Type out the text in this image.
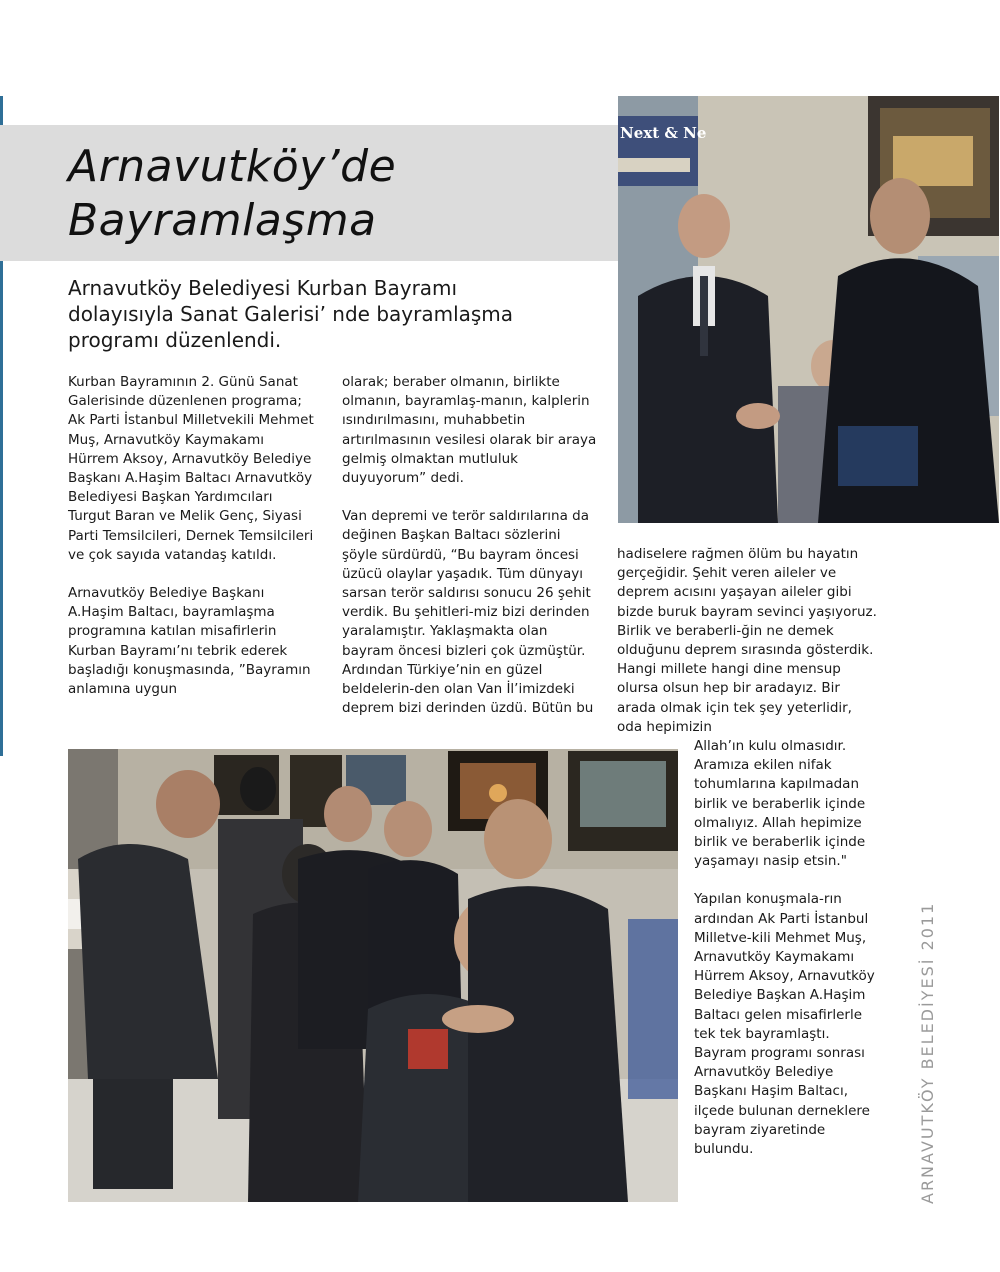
Arnavutköy’de
Bayramlaşma

Arnavutköy Belediyesi Kurban Bayramı dolayısıyla Sanat Galerisi’ nde bayramlaşma programı düzenlendi.

Kurban Bayramının 2. Günü Sanat Galerisinde düzenlenen programa; Ak Parti İstanbul Milletvekili Mehmet Muş, Arnavutköy Kaymakamı Hürrem Aksoy, Arnavutköy Belediye Başkanı A.Haşim Baltacı Arnavutköy Belediyesi Başkan Yardımcıları Turgut Baran ve Melik Genç, Siyasi Parti Temsilcileri, Dernek Temsilcileri ve çok sayıda vatandaş katıldı.

Arnavutköy Belediye Başkanı A.Haşim Baltacı, bayramlaşma programına katılan misafirlerin Kurban Bayramı’nı tebrik ederek başladığı konuşmasında, ”Bayramın anlamına uygun

olarak; beraber olmanın, birlikte olmanın, bayramlaş-manın, kalplerin ısındırılmasını, muhabbetin artırılmasının vesilesi olarak bir araya gelmiş olmaktan mutluluk duyuyorum” dedi.

Van depremi ve terör saldırılarına da değinen Başkan Baltacı sözlerini şöyle sürdürdü, “Bu bayram öncesi üzücü olaylar yaşadık. Tüm dünyayı sarsan terör saldırısı sonucu 26 şehit verdik. Bu şehitleri-miz bizi derinden yaralamıştır. Yaklaşmakta olan bayram öncesi bizleri çok üzmüştür. Ardından Türkiye’nin en güzel beldelerin-den olan Van İl’imizdeki deprem bizi derinden üzdü. Bütün bu

hadiselere rağmen ölüm bu hayatın gerçeğidir. Şehit veren aileler ve deprem acısını yaşayan aileler gibi bizde buruk bayram sevinci yaşıyoruz. Birlik ve beraberli-ğin ne demek olduğunu deprem sırasında gösterdik. Hangi millete hangi dine mensup olursa olsun hep bir aradayız. Bir arada olmak için tek şey yeterlidir, oda hepimizin

Allah’ın kulu olmasıdır. Aramıza ekilen nifak tohumlarına kapılmadan birlik ve beraberlik içinde olmalıyız. Allah hepimize birlik ve beraberlik içinde yaşamayı nasip etsin."

Yapılan konuşmala-rın ardından Ak Parti İstanbul Milletve-kili Mehmet Muş, Arnavutköy Kaymakamı Hürrem Aksoy, Arnavutköy Belediye Başkan A.Haşim Baltacı gelen misafirlerle tek tek bayramlaştı.

Bayram programı sonrası Arnavutköy Belediye Başkanı Haşim Baltacı, ilçede bulunan derneklere bayram ziyaretinde bulundu.

Next & Ne
ARNAVUTKÖY BELEDİYESİ 2011
